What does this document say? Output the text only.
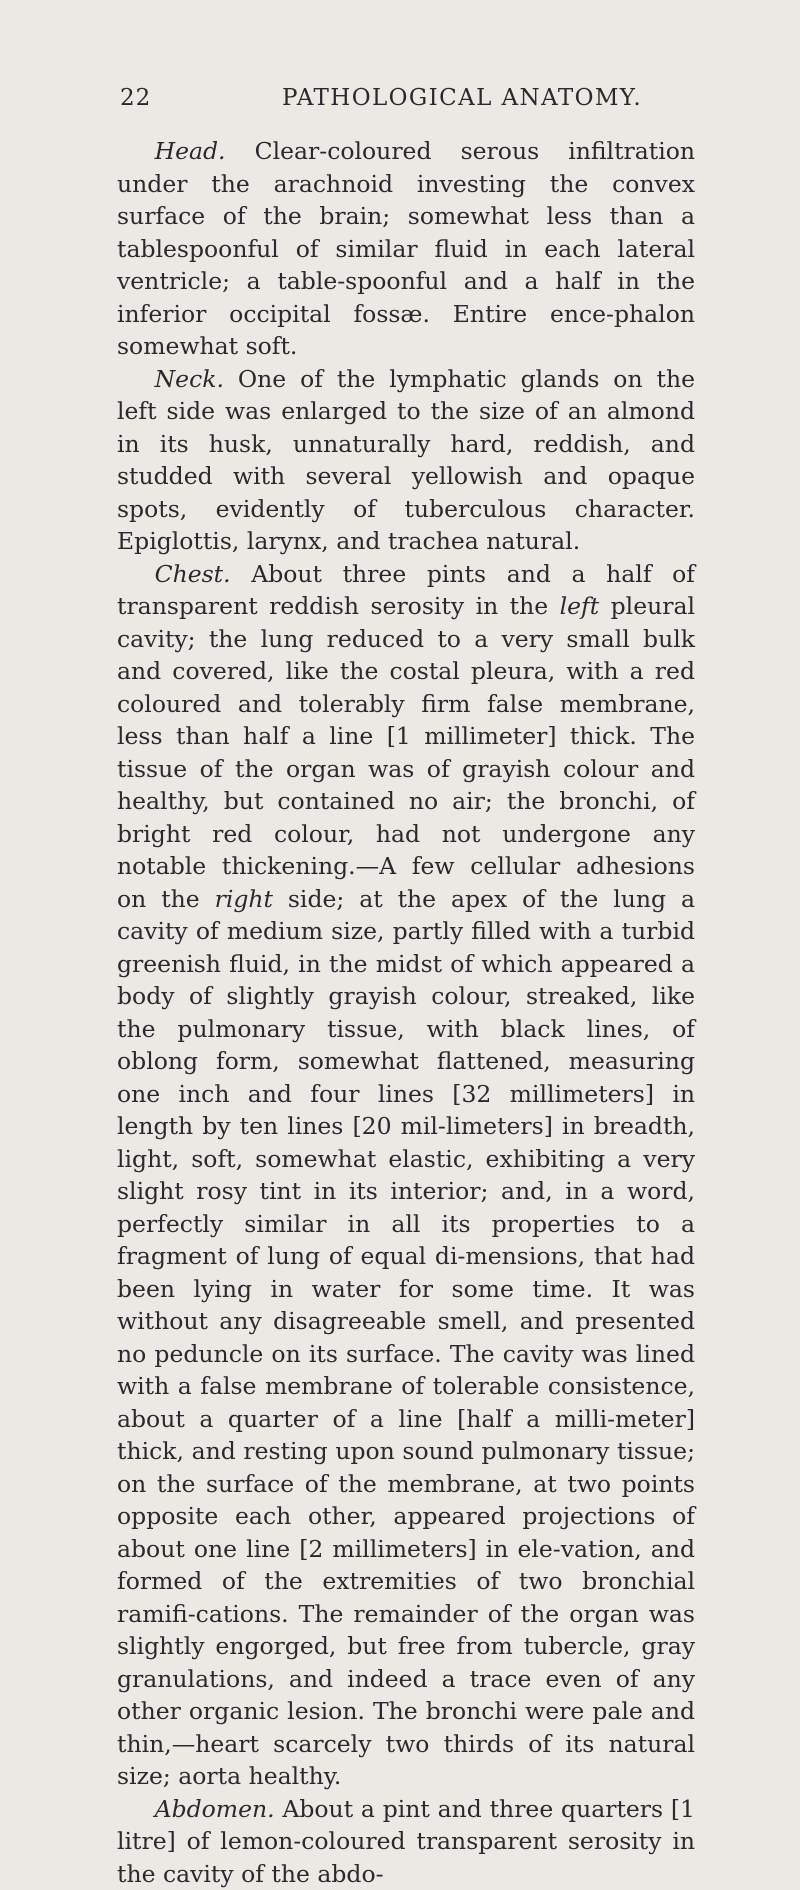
22	PATHOLOGICAL ANATOMY.

Head. Clear-coloured serous infiltration under the arachnoid investing the convex surface of the brain; somewhat less than a tablespoonful of similar fluid in each lateral ventricle; a table-spoonful and a half in the inferior occipital fossæ. Entire ence-phalon somewhat soft.

Neck. One of the lymphatic glands on the left side was enlarged to the size of an almond in its husk, unnaturally hard, reddish, and studded with several yellowish and opaque spots, evidently of tuberculous character. Epiglottis, larynx, and trachea natural.

Chest. About three pints and a half of transparent reddish serosity in the left pleural cavity; the lung reduced to a very small bulk and covered, like the costal pleura, with a red coloured and tolerably firm false membrane, less than half a line [1 millimeter] thick. The tissue of the organ was of grayish colour and healthy, but contained no air; the bronchi, of bright red colour, had not undergone any notable thickening.—A few cellular adhesions on the right side; at the apex of the lung a cavity of medium size, partly filled with a turbid greenish fluid, in the midst of which appeared a body of slightly grayish colour, streaked, like the pulmonary tissue, with black lines, of oblong form, somewhat flattened, measuring one inch and four lines [32 millimeters] in length by ten lines [20 mil-limeters] in breadth, light, soft, somewhat elastic, exhibiting a very slight rosy tint in its interior; and, in a word, perfectly similar in all its properties to a fragment of lung of equal di-mensions, that had been lying in water for some time. It was without any disagreeable smell, and presented no peduncle on its surface. The cavity was lined with a false membrane of tolerable consistence, about a quarter of a line [half a milli-meter] thick, and resting upon sound pulmonary tissue; on the surface of the membrane, at two points opposite each other, appeared projections of about one line [2 millimeters] in ele-vation, and formed of the extremities of two bronchial ramifi-cations. The remainder of the organ was slightly engorged, but free from tubercle, gray granulations, and indeed a trace even of any other organic lesion. The bronchi were pale and thin,—heart scarcely two thirds of its natural size; aorta healthy.

Abdomen. About a pint and three quarters [1 litre] of lemon-coloured transparent serosity in the cavity of the abdo-
